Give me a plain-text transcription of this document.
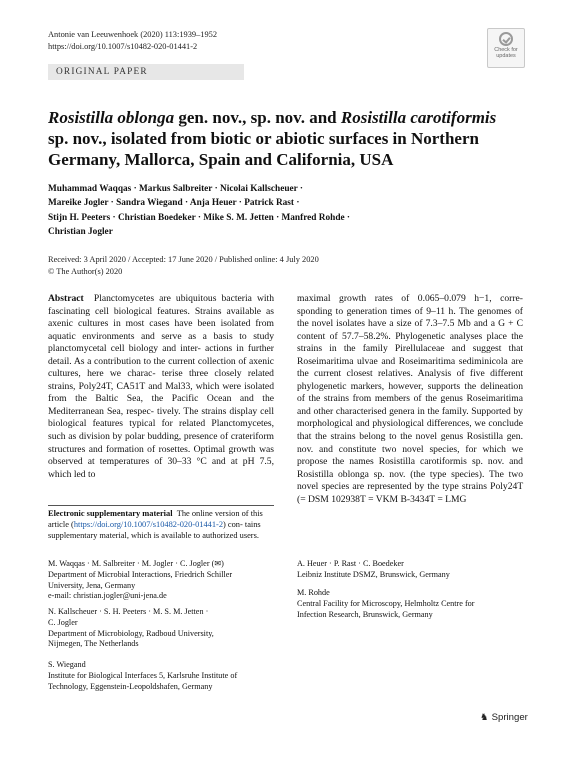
Antonie van Leeuwenhoek (2020) 113:1939–1952
https://doi.org/10.1007/s10482-020-01441-2	Check for
updates
ORIGINAL PAPER
Rosistilla oblonga gen. nov., sp. nov. and Rosistilla carotiformis sp. nov., isolated from biotic or abiotic surfaces in Northern Germany, Mallorca, Spain and California, USA
Muhammad Waqqas · Markus Salbreiter · Nicolai Kallscheuer ·
Mareike Jogler · Sandra Wiegand · Anja Heuer · Patrick Rast ·
Stijn H. Peeters · Christian Boedeker · Mike S. M. Jetten · Manfred Rohde ·
Christian Jogler
Received: 3 April 2020 / Accepted: 17 June 2020 / Published online: 4 July 2020
© The Author(s) 2020
Abstract Planctomycetes are ubiquitous bacteria with fascinating cell biological features. Strains available as axenic cultures in most cases have been isolated from aquatic environments and serve as a basis to study planctomycetal cell biology and inter- actions in further detail. As a contribution to the current collection of axenic cultures, here we charac- terise three closely related strains, Poly24T, CA51T and Mal33, which were isolated from the Baltic Sea, the Pacific Ocean and the Mediterranean Sea, respec- tively. The strains display cell biological features typical for related Planctomycetes, such as division by polar budding, presence of crateriform structures and formation of rosettes. Optimal growth was observed at temperatures of 30–33 °C and at pH 7.5, which led to
maximal growth rates of 0.065–0.079 h−1, corre- sponding to generation times of 9–11 h. The genomes of the novel isolates have a size of 7.3–7.5 Mb and a G + C content of 57.7–58.2%. Phylogenetic analyses place the strains in the family Pirellulaceae and suggest that Roseimaritima ulvae and Roseimaritima sediminicola are the current closest relatives. Analysis of five different phylogenetic markers, however, supports the delineation of the strains from members of the genus Roseimaritima and other characterised genera in the family. Supported by morphological and physiological differences, we conclude that the strains belong to the novel genus Rosistilla gen. nov. and constitute two novel species, for which we propose the names Rosistilla carotiformis sp. nov. and Rosistilla oblonga sp. nov. (the type species). The two novel species are represented by the type strains Poly24T (= DSM 102938T = VKM B-3434T = LMG
Electronic supplementary material The online version of this article (https://doi.org/10.1007/s10482-020-01441-2) con- tains supplementary material, which is available to authorized users.
M. Waqqas · M. Salbreiter · M. Jogler · C. Jogler (✉)
Department of Microbial Interactions, Friedrich Schiller
University, Jena, Germany
e-mail: christian.jogler@uni-jena.de
N. Kallscheuer · S. H. Peeters · M. S. M. Jetten ·
C. Jogler
Department of Microbiology, Radboud University,
Nijmegen, The Netherlands
S. Wiegand
Institute for Biological Interfaces 5, Karlsruhe Institute of
Technology, Eggenstein-Leopoldshafen, Germany
A. Heuer · P. Rast · C. Boedeker
Leibniz Institute DSMZ, Brunswick, Germany
M. Rohde
Central Facility for Microscopy, Helmholtz Centre for
Infection Research, Brunswick, Germany
♞ Springer
